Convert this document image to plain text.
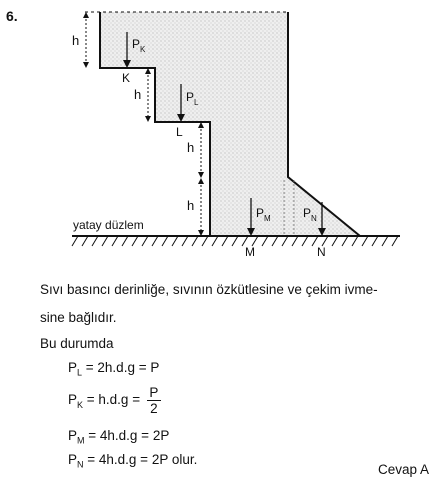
6.
h
h
h
h
P K
P L
P M	P N
K
L
M	N
yatay düzlem
Sıvı basıncı derinliğe, sıvının özkütlesine ve çekim ivme-
sine bağlıdır.
Bu durumda
$P_L = 2h.d.g = P$
$P_K = h.d.g = \frac{P}{2}$
$P_M = 4h.d.g = 2P$
$P_N = 4h.d.g = 2P$ olur.
Cevap A
